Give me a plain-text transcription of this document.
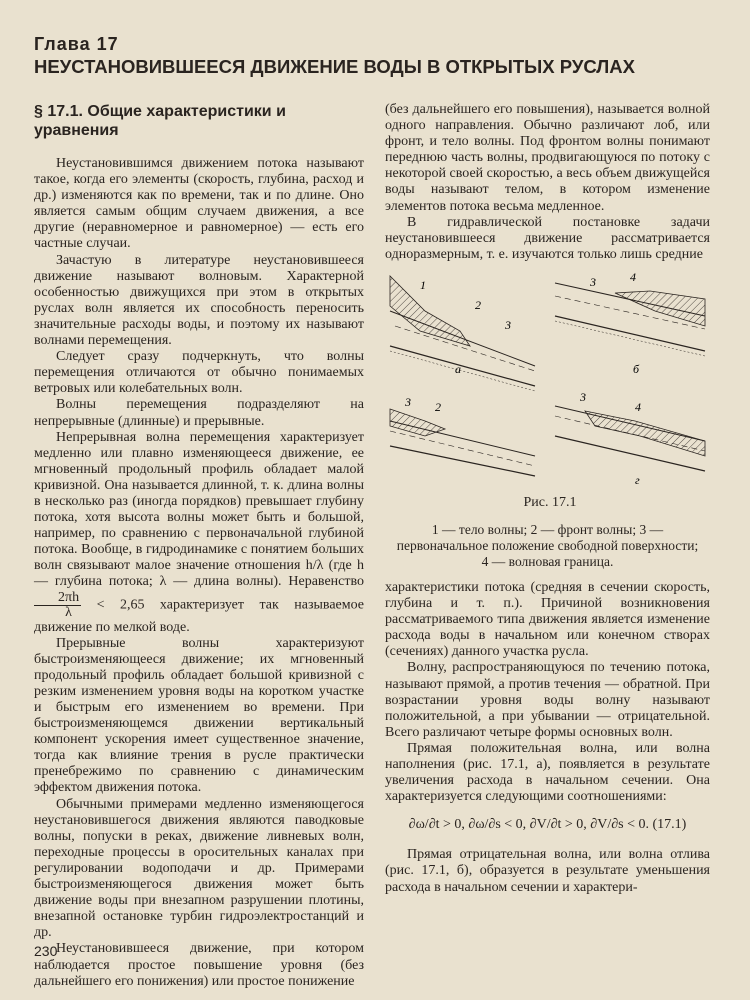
Глава 17
НЕУСТАНОВИВШЕЕСЯ ДВИЖЕНИЕ ВОДЫ В ОТКРЫТЫХ РУСЛАХ
§ 17.1. Общие характеристики и уравнения

Неустановившимся движением потока называют такое, когда его элементы (скорость, глубина, расход и др.) изменяются как по времени, так и по длине. Оно является самым общим случаем движения, а все другие (неравномерное и равномерное) — есть его частные случаи.

Зачастую в литературе неустановившееся движение называют волновым. Характерной особенностью движущихся при этом в открытых руслах волн является их способность переносить значительные расходы воды, и поэтому их называют волнами перемещения.

Следует сразу подчеркнуть, что волны перемещения отличаются от обычно понимаемых ветровых или колебательных волн.

Волны перемещения подразделяют на непрерывные (длинные) и прерывные.

Непрерывная волна перемещения характеризует медленно или плавно изменяющееся движение, ее мгновенный продольный профиль обладает малой кривизной. Она называется длинной, т. к. длина волны в несколько раз (иногда порядков) превышает глубину потока, хотя высота волны может быть и большой, например, по сравнению с первоначальной глубиной потока. Вообще, в гидродинамике с понятием больших волн связывают малое значение отношения h/λ (где h — глубина потока; λ — длина волны). Неравенство
$\frac{2\pi h}{\lambda} < 2,65$ характеризует так называемое движение по мелкой воде.

Прерывные волны характеризуют быстроизменяющееся движение; их мгновенный продольный профиль обладает большой кривизной с резким изменением уровня воды на коротком участке и быстрым его изменением во времени. При быстроизменяющемся движении вертикальный компонент ускорения имеет существенное значение, тогда как влияние трения в русле практически пренебрежимо по сравнению с динамическим эффектом движения потока.

Обычными примерами медленно изменяющегося неустановившегося движения являются паводковые волны, попуски в реках, движение ливневых волн, переходные процессы в оросительных каналах при регулировании водоподачи и др. Примерами быстроизменяющегося движения может быть движение воды при внезапном разрушении плотины, внезапной остановке турбин гидроэлектростанций и др.

Неустановившееся движение, при котором наблюдается простое повышение уровня (без дальнейшего его понижения) или простое понижение

(без дальнейшего его повышения), называется волной одного направления. Обычно различают лоб, или фронт, и тело волны. Под фронтом волны понимают переднюю часть волны, продвигающуюся по потоку с некоторой своей скоростью, а весь объем движущейся воды называют телом, в котором изменение элементов потока весьма медленное.

В гидравлической постановке задачи неустановившееся движение рассматривается одноразмерным, т. е. изучаются только лишь средние

1
2
3
а
3	4
б
3 2
3
4
г
Рис. 17.1
1 — тело волны; 2 — фронт волны; 3 — первоначальное положение свободной поверхности;
4 — волновая граница.

характеристики потока (средняя в сечении скорость, глубина и т. п.). Причиной возникновения рассматриваемого типа движения является изменение расхода воды в начальном или конечном створах (сечениях) данного участка русла.

Волну, распространяющуюся по течению потока, называют прямой, а против течения — обратной. При возрастании уровня воды волну называют положительной, а при убывании — отрицательной. Всего различают четыре формы основных волн.

Прямая положительная волна, или волна наполнения (рис. 17.1, а), появляется в результате увеличения расхода в начальном сечении. Она характеризуется следующими соотношениями:

∂ω/∂t > 0, ∂ω/∂s < 0, ∂V/∂t > 0, ∂V/∂s < 0. (17.1)

Прямая отрицательная волна, или волна отлива (рис. 17.1, б), образуется в результате уменьшения расхода в начальном сечении и характери-

230
